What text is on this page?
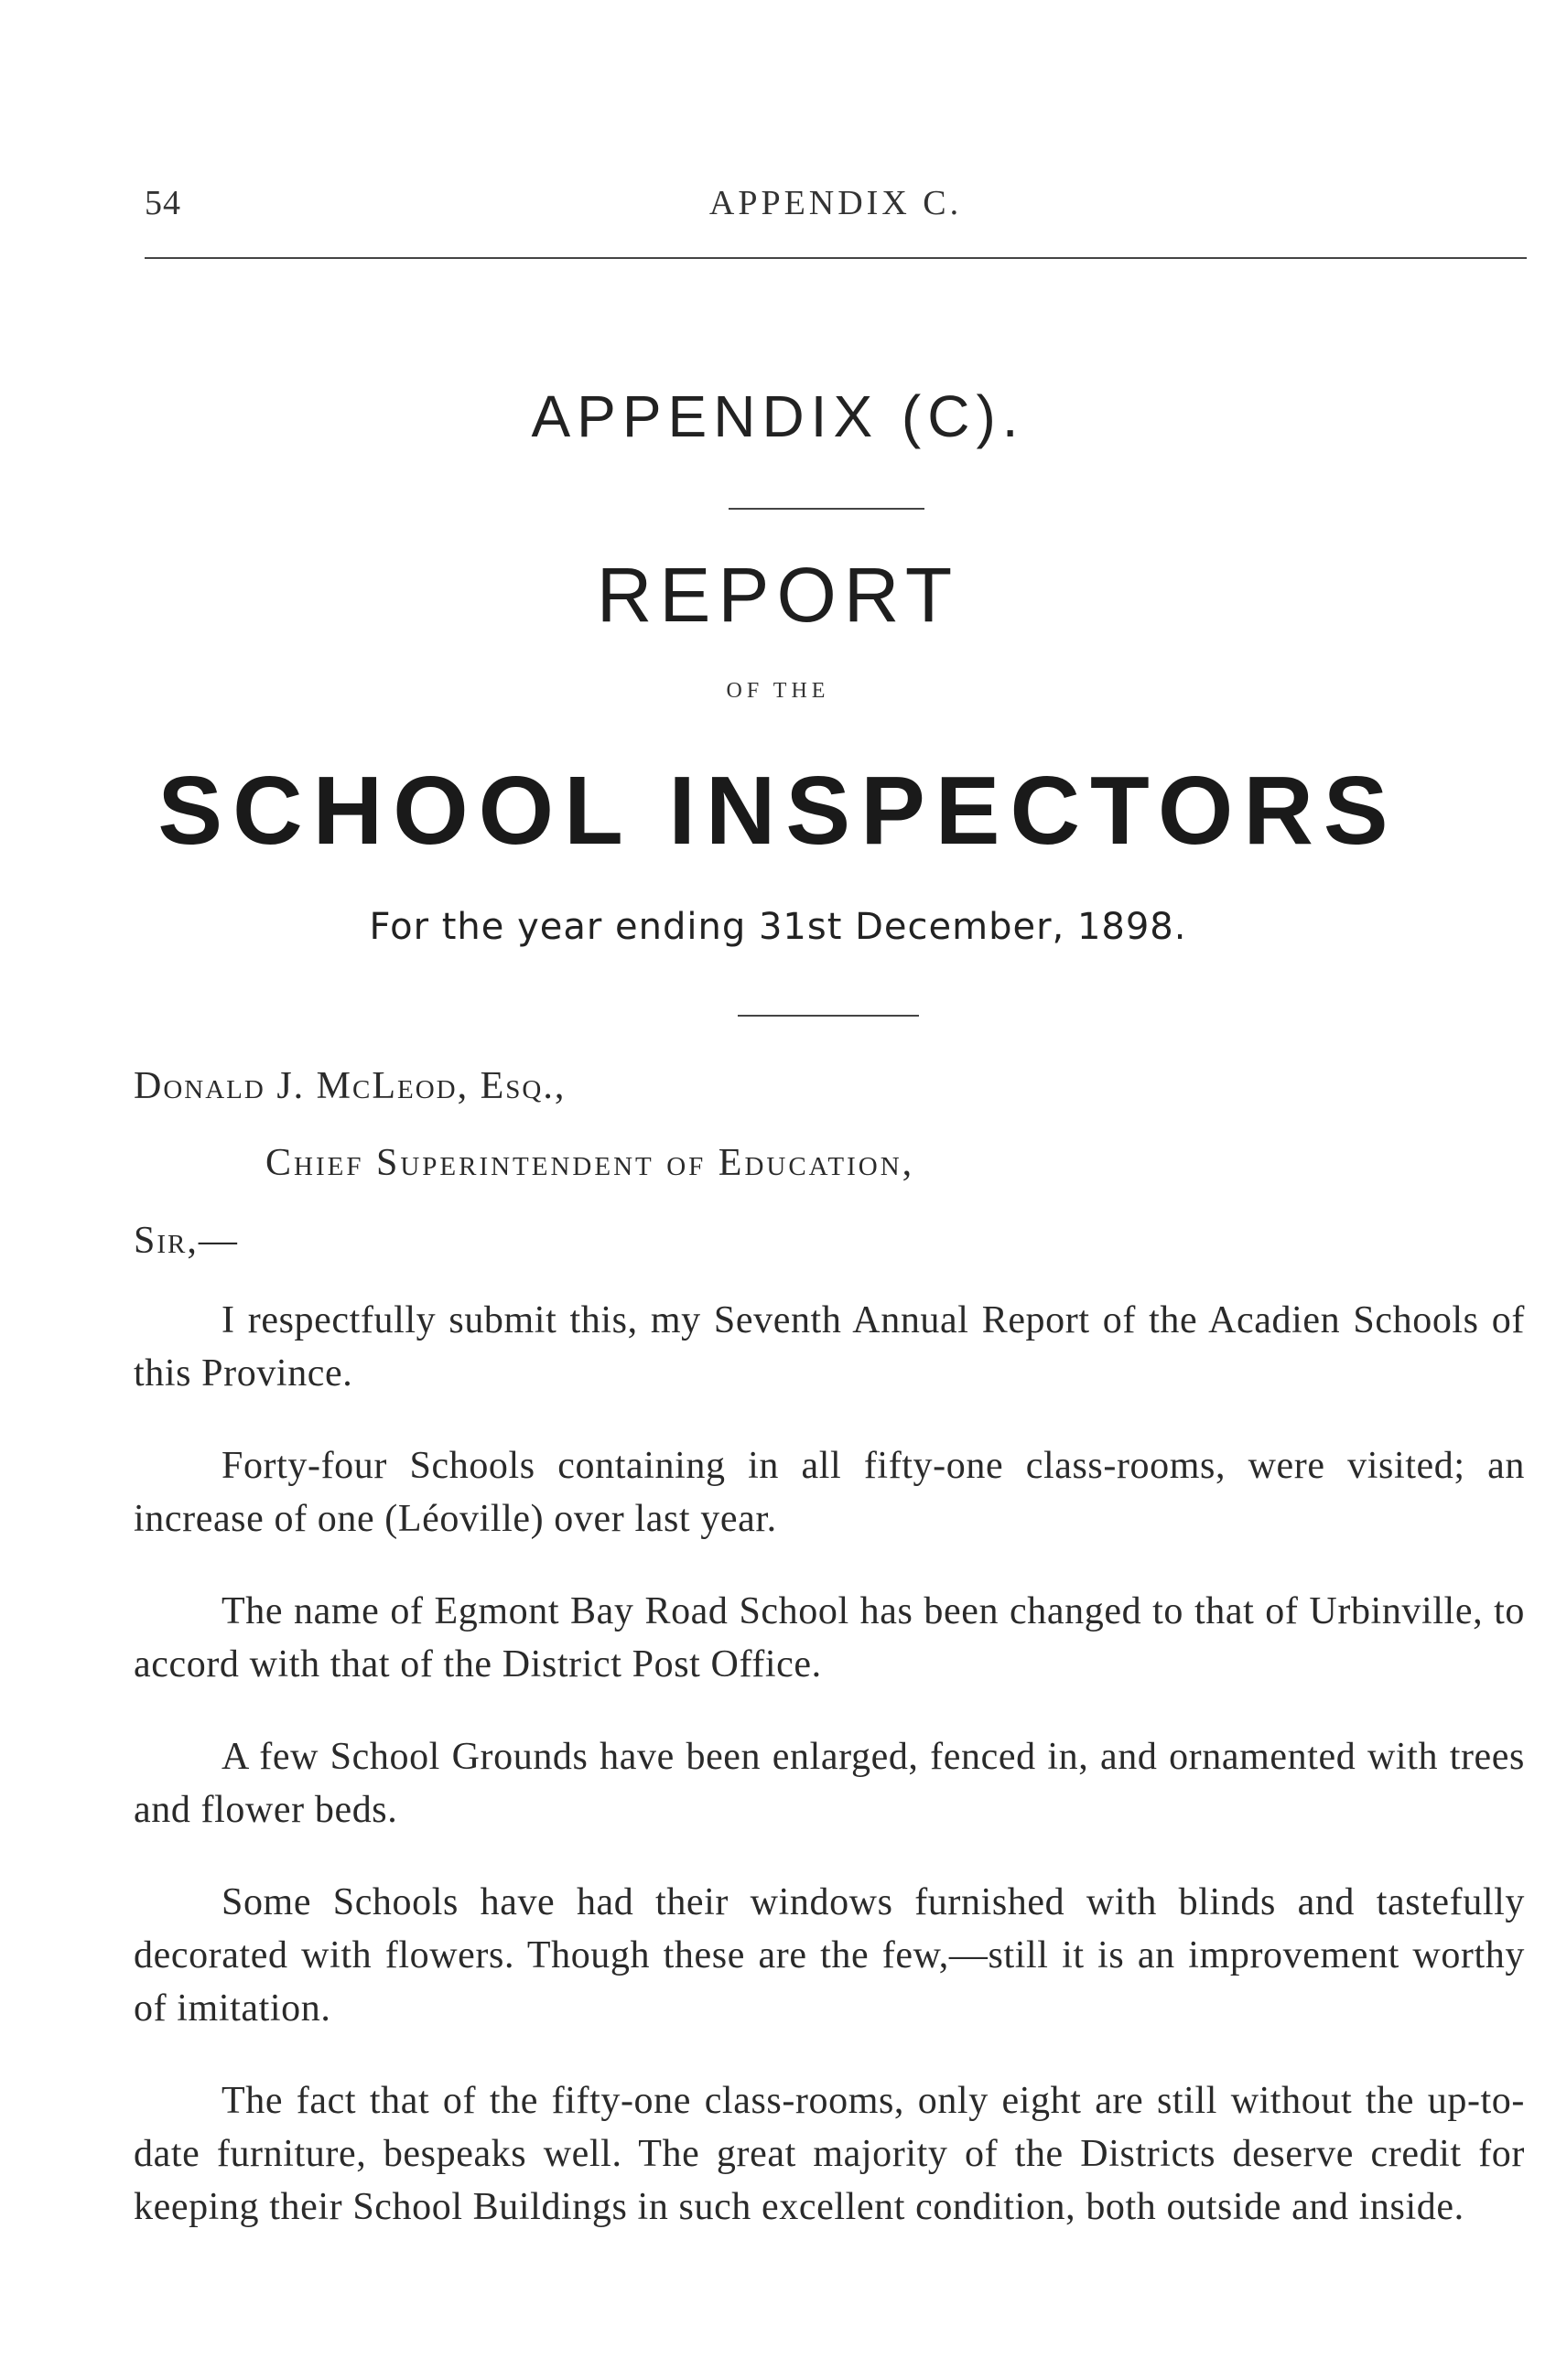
54	APPENDIX C.
APPENDIX (C).
REPORT
OF THE
SCHOOL INSPECTORS
For the year ending 31st December, 1898.
Donald J. McLeod, Esq.,
Chief Superintendent of Education,
Sir,—

I respectfully submit this, my Seventh Annual Report of the Acadien Schools of this Province.

Forty-four Schools containing in all fifty-one class-rooms, were visited; an increase of one (Léoville) over last year.

The name of Egmont Bay Road School has been changed to that of Urbinville, to accord with that of the District Post Office.

A few School Grounds have been enlarged, fenced in, and ornamented with trees and flower beds.

Some Schools have had their windows furnished with blinds and tastefully decorated with flowers. Though these are the few,—still it is an improvement worthy of imitation.

The fact that of the fifty-one class-rooms, only eight are still without the up-to-date furniture, bespeaks well. The great majority of the Districts deserve credit for keeping their School Buildings in such excellent condition, both outside and inside.
